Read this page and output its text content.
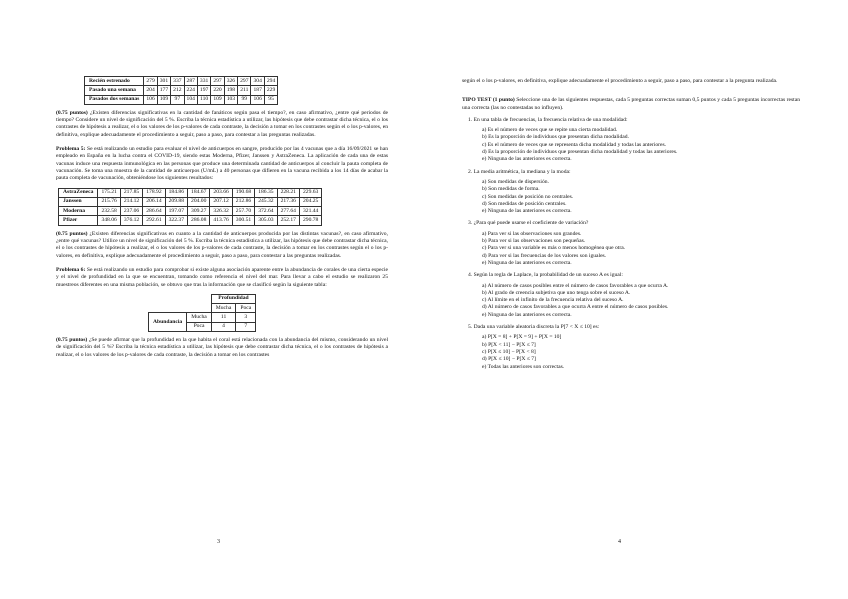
Recién estrenado	279	301	337	287	331	297	326	297	304	294
Pasado una semana	204	177	212	224	197	220	198	211	187	229
Pasados dos semanas	106	109	97	104	110	109	103	99	106	95

(0.75 puntos) ¿Existen diferencias significativas en la cantidad de fanáticos según pasa el tiempo?, en caso afirmativo, ¿entre qué periodos de tiempo? Considere un nivel de significación del 5 %. Escriba la técnica estadística a utilizar, las hipótesis que debe contrastar dicha técnica, el o los contrastes de hipótesis a realizar, el o los valores de los p-valores de cada contraste, la decisión a tomar en los contrastes según el o los p-valores, en definitiva, explique adecuadamente el procedimiento a seguir, paso a paso, para contestar a las preguntas realizadas.

Problema 5: Se está realizando un estudio para evaluar el nivel de anticuerpos en sangre, producido por las 4 vacunas que a día 16/09/2021 se han empleado en España en la lucha contra el COVID-19, siendo estas Moderna, Pfizer, Janssen y AstraZeneca. La aplicación de cada una de estas vacunas induce una respuesta inmunológica en las personas que produce una determinada cantidad de anticuerpos al concluir la pauta completa de vacunación. Se toma una muestra de la cantidad de anticuerpos (U/mL) a 40 personas que difieren en la vacuna recibida a los 14 días de acabar la pauta completa de vacunación, obteniéndose los siguientes resultados:

AstraZeneca	175.21	217.85	178.92	184.86	184.67	203.66	190.68	186.35	228.21	229.63
Janssen	215.76	214.12	206.14	209.88	204.00	207.12	212.86	245.32	217.36	204.25
Moderna	232.58	237.06	286.64	197.07	309.27	326.32	257.70	372.64	277.64	321.44
Pfizer	348.06	376.12	292.61	322.37	286.08	413.76	300.51	305.03	252.17	290.78

(0.75 puntos) ¿Existen diferencias significativas en cuanto a la cantidad de anticuerpos producida por las distintas vacunas?, en caso afirmativo, ¿entre qué vacunas? Utilice un nivel de significación del 5 %. Escriba la técnica estadística a utilizar, las hipótesis que debe contrastar dicha técnica, el o los contrastes de hipótesis a realizar, el o los valores de los p-valores de cada contraste, la decisión a tomar en los contrastes según el o los p-valores, en definitiva, explique adecuadamente el procedimiento a seguir, paso a paso, para contestar a las preguntas realizadas.

Problema 6: Se está realizando un estudio para comprobar si existe alguna asociación aparente entre la abundancia de corales de una cierta especie y el nivel de profundidad en la que se encuentran, tomando como referencia el nivel del mar. Para llevar a cabo el estudio se realizaron 25 muestreos diferentes en una misma población, se obtuvo que tras la información que se clasificó según la siguiente tabla:

		Profundidad	
		Mucha	Poca
Abundancia	Mucha	11	3
	Poca	4	7

(0.75 puntos) ¿Se puede afirmar que la profundidad en la que habita el coral está relacionada con la abundancia del mismo, considerando un nivel de significación del 5 %? Escriba la técnica estadística a utilizar, las hipótesis que debe contrastar dicha técnica, el o los contrastes de hipótesis a realizar, el o los valores de los p-valores de cada contraste, la decisión a tomar en los contrastes

3

según el o los p-valores, en definitiva, explique adecuadamente el procedimiento a seguir, paso a paso, para contestar a la pregunta realizada.

TIPO TEST (1 punto) Seleccione una de las siguientes respuestas, cada 5 preguntas correctas suman 0,5 puntos y cada 5 preguntas incorrectas restan una correcta (las no contestadas no influyen).

1. En una tabla de frecuencias, la frecuencia relativa de una modalidad:

a) Es el número de veces que se repite una cierta modalidad.

b) Es la proporción de individuos que presentan dicha modalidad.

c) Es el número de veces que se representa dicha modalidad y todas las anteriores.

d) Es la proporción de individuos que presentan dicha modalidad y todas las anteriores.

e) Ninguna de las anteriores es correcta.

2. La media aritmética, la mediana y la moda:

a) Son medidas de dispersión.

b) Son medidas de forma.

c) Son medidas de posición no centrales.

d) Son medidas de posición centrales.

e) Ninguna de las anteriores es correcta.

3. ¿Para qué puede usarse el coeficiente de variación?

a) Para ver si las observaciones son grandes.

b) Para ver si las observaciones son pequeñas.

c) Para ver si una variable es más o menos homogénea que otra.

d) Para ver si las frecuencias de los valores son iguales.

e) Ninguna de las anteriores es correcta.

4. Según la regla de Laplace, la probabilidad de un suceso A es igual:

a) Al número de casos posibles entre el número de casos favorables a que ocurra A.

b) Al grado de creencia subjetiva que uno tenga sobre el suceso A.

c) Al límite en el infinito de la frecuencia relativa del suceso A.

d) Al número de casos favorables a que ocurra A entre el número de casos posibles.

e) Ninguna de las anteriores es correcta.

5. Dada una variable aleatoria discreta la P[7 < X ≤ 10] es:

a) P[X = 8] + P[X = 9] + P[X = 10]

b) P[X < 11] − P[X ≤ 7]

c) P[X ≤ 10] − P[X < 8]

d) P[X ≤ 10] − P[X ≤ 7]

e) Todas las anteriores son correctas.

4
